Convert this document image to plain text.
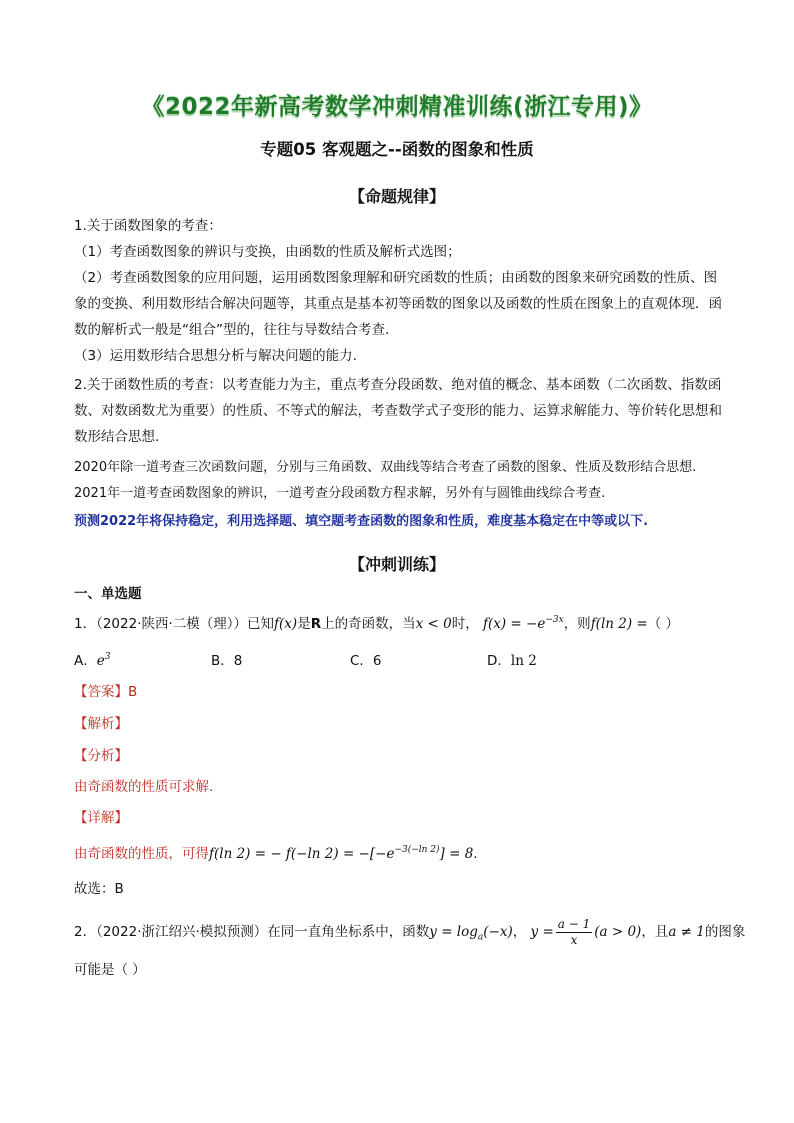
《2022年新高考数学冲刺精准训练(浙江专用)》
专题05 客观题之--函数的图象和性质
【命题规律】
1.关于函数图象的考查：
（1）考查函数图象的辨识与变换，由函数的性质及解析式选图；
（2）考查函数图象的应用问题，运用函数图象理解和研究函数的性质；由函数的图象来研究函数的性质、图象的变换、利用数形结合解决问题等，其重点是基本初等函数的图象以及函数的性质在图象上的直观体现．函数的解析式一般是“组合”型的，往往与导数结合考查.
（3）运用数形结合思想分析与解决问题的能力.
2.关于函数性质的考查：以考查能力为主，重点考查分段函数、绝对值的概念、基本函数（二次函数、指数函数、对数函数尤为重要）的性质、不等式的解法，考查数学式子变形的能力、运算求解能力、等价转化思想和数形结合思想.
2020年除一道考查三次函数问题，分别与三角函数、双曲线等结合考查了函数的图象、性质及数形结合思想. 2021年一道考查函数图象的辨识，一道考查分段函数方程求解，另外有与圆锥曲线综合考查.
预测2022年将保持稳定，利用选择题、填空题考查函数的图象和性质，难度基本稳定在中等或以下.
【冲刺训练】
一、单选题
1．（2022·陕西·二模（理））已知f(x)是R上的奇函数，当x < 0时， $f(x) = -e^{-3x}$，则f(ln 2) =（ ）
A．$e^3$	B．8	C．6	D．ln 2
【答案】B
【解析】
【分析】
由奇函数的性质可求解.
【详解】
由奇函数的性质，可得f(ln 2) = − f(−ln $2) = -[-e^{-3(-ln 2)}] = 8$.
故选：B
2．（2022·浙江绍兴·模拟预测）在同一直角坐标系中，函数$y = \log_a(-x)$， $y = \frac{a - 1}{x} (a > 0)$，且a ≠ 1的图象
可能是（ ）
